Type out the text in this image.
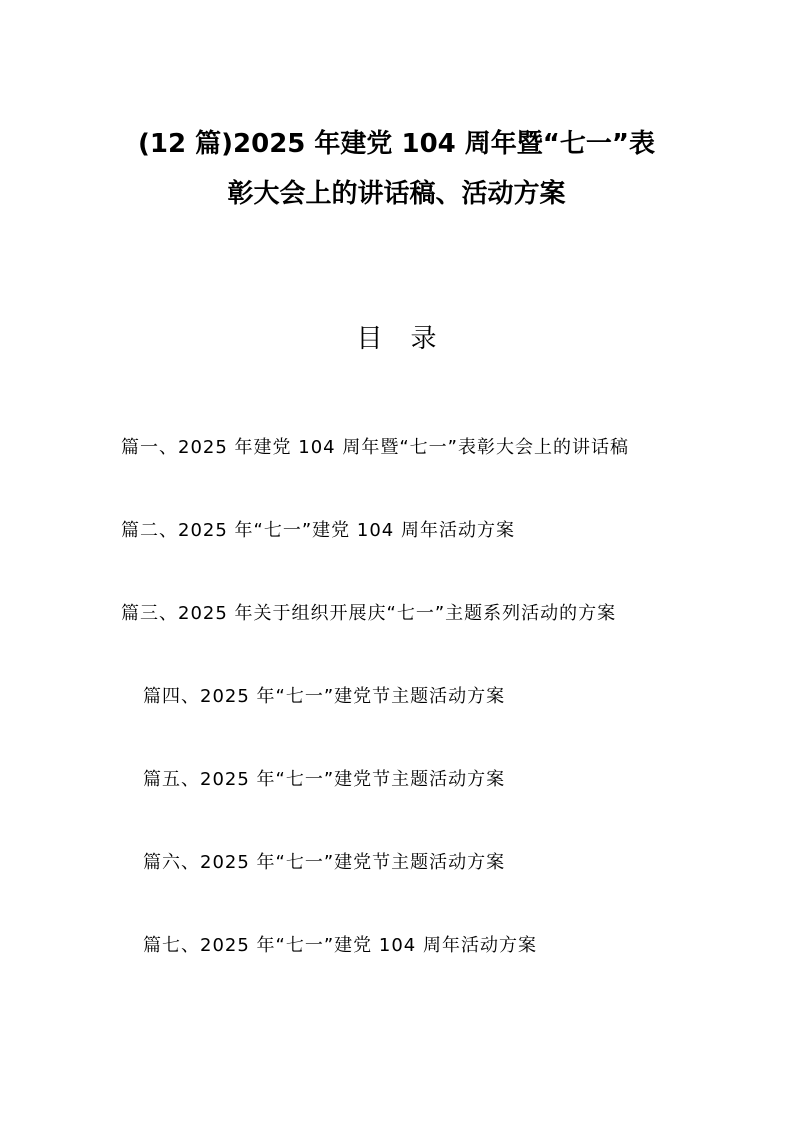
(12 篇)2025 年建党 104 周年暨“七一”表
彰大会上的讲话稿、活动方案
目录
篇一、2025 年建党 104 周年暨“七一”表彰大会上的讲话稿
篇二、2025 年“七一”建党 104 周年活动方案
篇三、2025 年关于组织开展庆“七一”主题系列活动的方案
篇四、2025 年“七一”建党节主题活动方案
篇五、2025 年“七一”建党节主题活动方案
篇六、2025 年“七一”建党节主题活动方案
篇七、2025 年“七一”建党 104 周年活动方案
